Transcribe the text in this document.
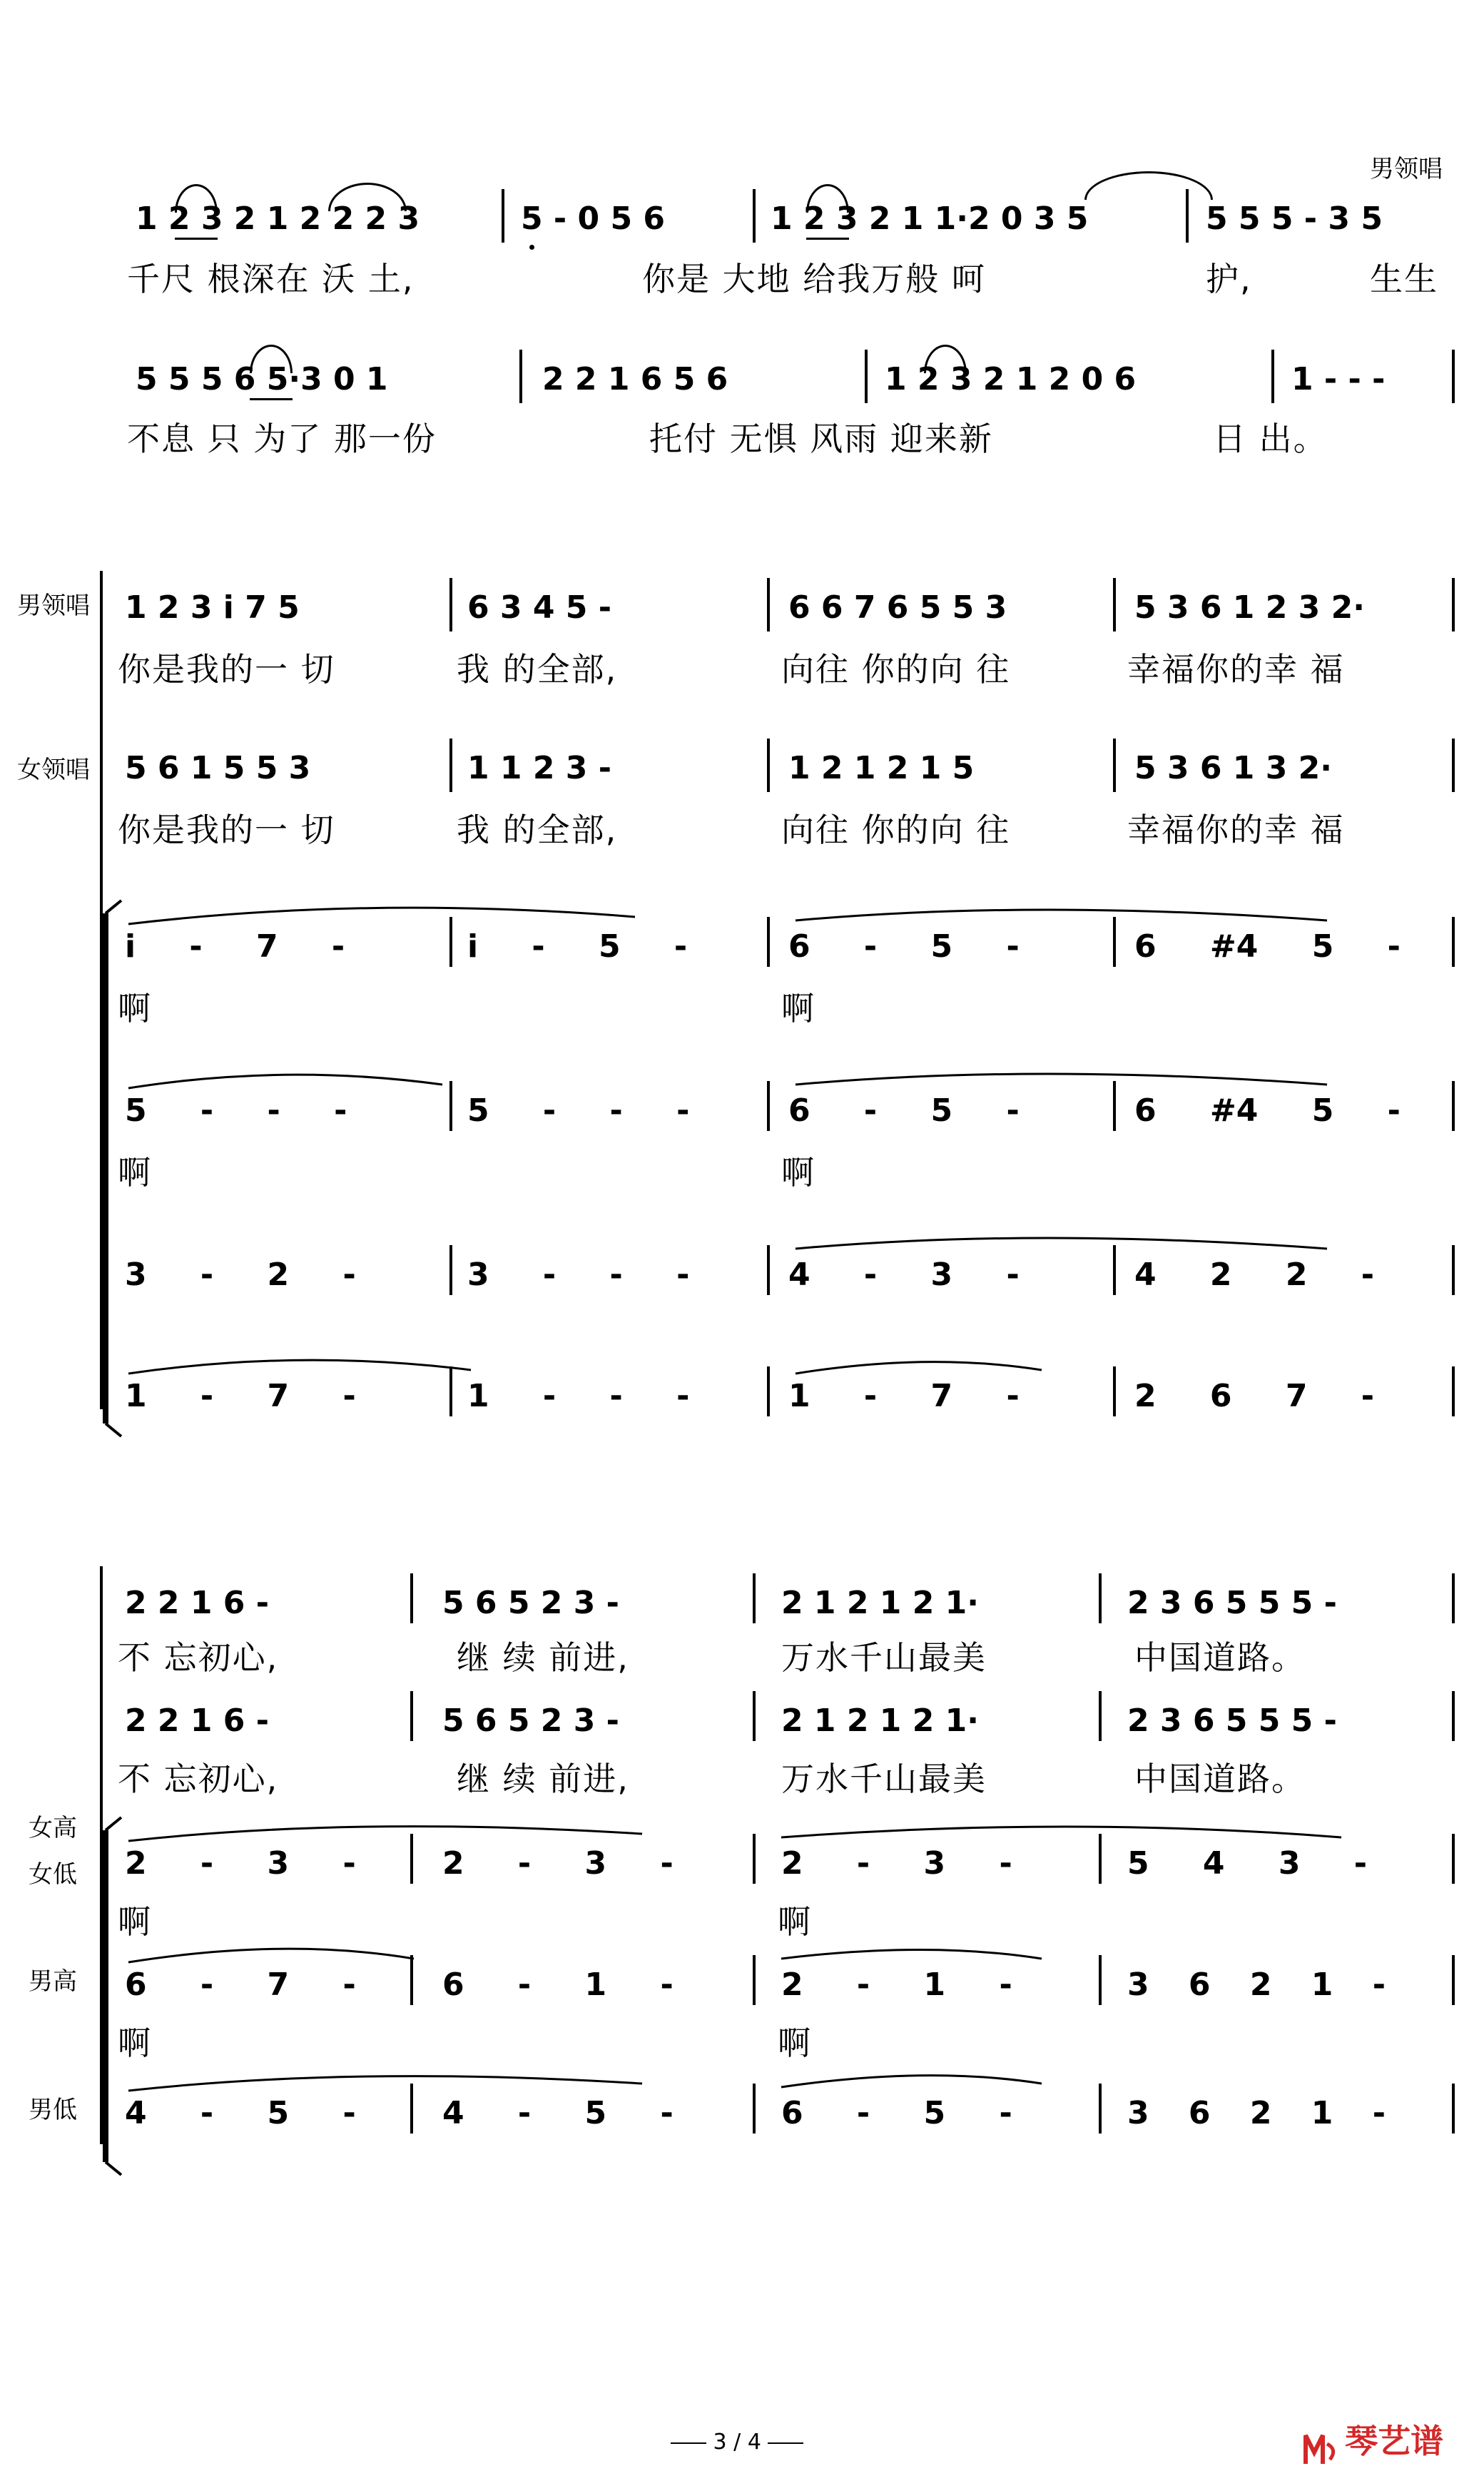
男领唱
1 2 3 2 1 2 2 2 3	5 - 0 5 6	1 2 3 2 1 1·2 0 3 5	5 5 5 - 3 5
千尺 根深在 沃 土,	你是 大地 给我万般 呵	护,	生生
5 5 5 6 5·3 0 1	2 2 1 6 5 6	1 2 3 2 1 2 0 6	1 - - -
不息 只 为了 那一份	托付 无惧 风雨 迎来新	日 出。
男领唱
女领唱
1 2 3 i 7 5	6 3 4 5 -	6 6 7 6 5 5 3	5 3 6 1 2 3 2·
你是我的一 切	我 的全部,	向往 你的向 往	幸福你的幸 福
5 6 1 5 5 3	1 1 2 3 -	1 2 1 2 1 5	5 3 6 1 3 2·
你是我的一 切	我 的全部,	向往 你的向 往	幸福你的幸 福
i - 7 -	i - 5 -	6 - 5 -	6 #4 5 -
啊	啊
5 - - -	5 - - -	6 - 5 -	6 #4 5 -
啊	啊
3 - 2 -	3 - - -	4 - 3 -	4 2 2 -
1 - 7 -	1 - - -	1 - 7 -	2 6 7 -
2 2 1 6 -	5 6 5 2 3 -	2 1 2 1 2 1·	2 3 6 5 5 5 -
不 忘初心,	继 续 前进,	万水千山最美	中国道路。
2 2 1 6 -	5 6 5 2 3 -	2 1 2 1 2 1·	2 3 6 5 5 5 -
不 忘初心,	继 续 前进,	万水千山最美	中国道路。
女高
女低
男高
男低
2 - 3 -	2 - 3 -	2 - 3 -	5 4 3 -
啊	啊
6 - 7 -	6 - 1 -	2 - 1 -	3 6 2 1 -
啊	啊
4 - 5 -	4 - 5 -	6 - 5 -	3 6 2 1 -
3 / 4	琴艺谱
